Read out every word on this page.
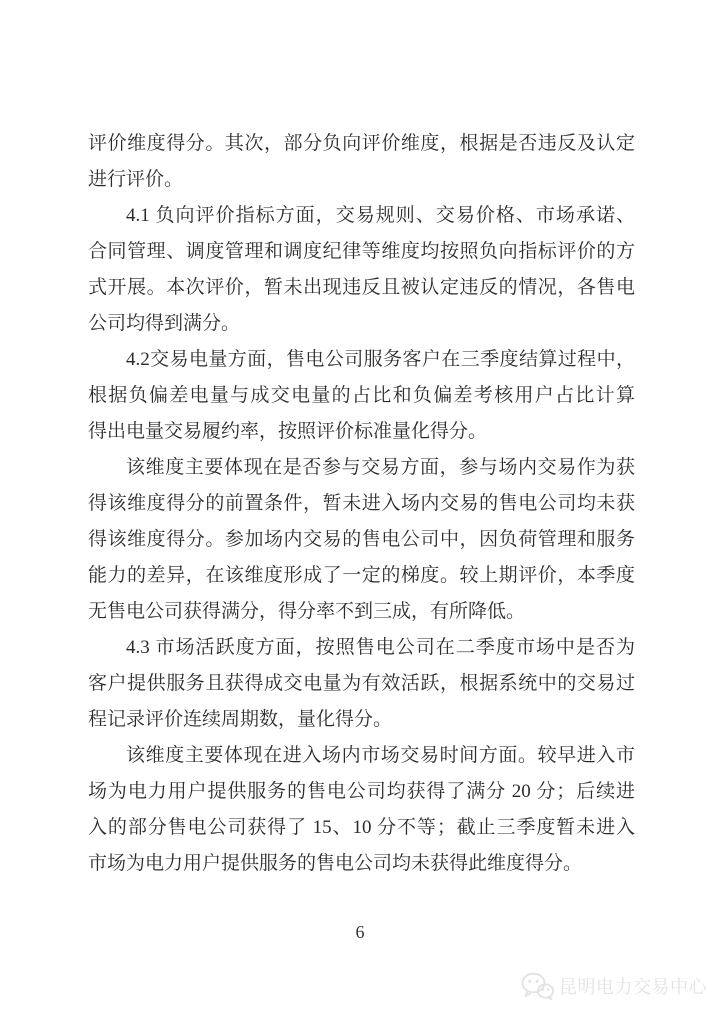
评价维度得分。其次，部分负向评价维度，根据是否违反及认定
进行评价。
4.1 负向评价指标方面，交易规则、交易价格、市场承诺、
合同管理、调度管理和调度纪律等维度均按照负向指标评价的方
式开展。本次评价，暂未出现违反且被认定违反的情况，各售电
公司均得到满分。
4.2交易电量方面，售电公司服务客户在三季度结算过程中，
根据负偏差电量与成交电量的占比和负偏差考核用户占比计算
得出电量交易履约率，按照评价标准量化得分。
该维度主要体现在是否参与交易方面，参与场内交易作为获
得该维度得分的前置条件，暂未进入场内交易的售电公司均未获
得该维度得分。参加场内交易的售电公司中，因负荷管理和服务
能力的差异，在该维度形成了一定的梯度。较上期评价，本季度
无售电公司获得满分，得分率不到三成，有所降低。
4.3 市场活跃度方面，按照售电公司在二季度市场中是否为
客户提供服务且获得成交电量为有效活跃，根据系统中的交易过
程记录评价连续周期数，量化得分。
该维度主要体现在进入场内市场交易时间方面。较早进入市
场为电力用户提供服务的售电公司均获得了满分 20 分；后续进
入的部分售电公司获得了 15、10 分不等；截止三季度暂未进入
市场为电力用户提供服务的售电公司均未获得此维度得分。
6
昆明电力交易中心
